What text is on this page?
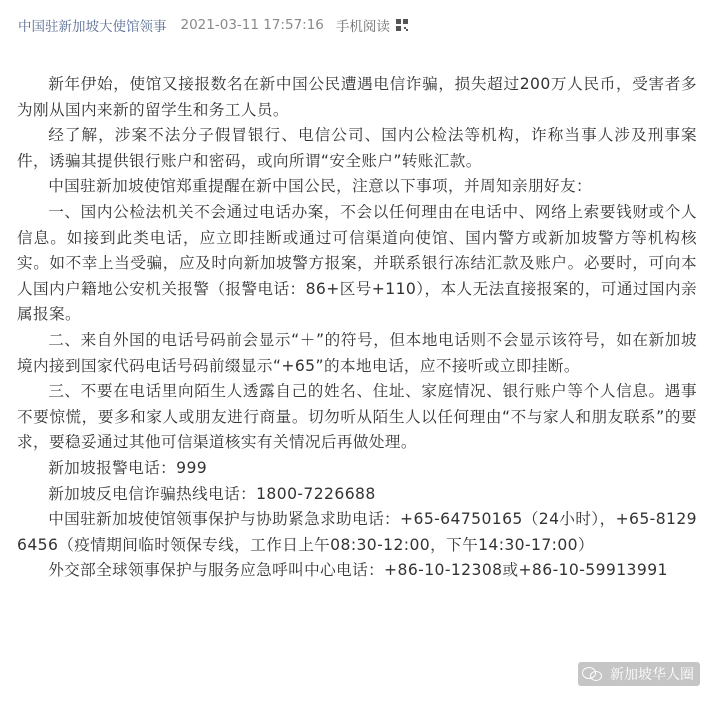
中国驻新加坡大使馆领事 2021-03-11 17:57:16 手机阅读

新年伊始，使馆又接报数名在新中国公民遭遇电信诈骗，损失超过200万人民币，受害者多为刚从国内来新的留学生和务工人员。

经了解，涉案不法分子假冒银行、电信公司、国内公检法等机构，诈称当事人涉及刑事案件，诱骗其提供银行账户和密码，或向所谓“安全账户”转账汇款。

中国驻新加坡使馆郑重提醒在新中国公民，注意以下事项，并周知亲朋好友：

一、国内公检法机关不会通过电话办案，不会以任何理由在电话中、网络上索要钱财或个人信息。如接到此类电话，应立即挂断或通过可信渠道向使馆、国内警方或新加坡警方等机构核实。如不幸上当受骗，应及时向新加坡警方报案，并联系银行冻结汇款及账户。必要时，可向本人国内户籍地公安机关报警（报警电话：86+区号+110），本人无法直接报案的，可通过国内亲属报案。

二、来自外国的电话号码前会显示“＋”的符号，但本地电话则不会显示该符号，如在新加坡境内接到国家代码电话号码前缀显示“+65”的本地电话，应不接听或立即挂断。

三、不要在电话里向陌生人透露自己的姓名、住址、家庭情况、银行账户等个人信息。遇事不要惊慌，要多和家人或朋友进行商量。切勿听从陌生人以任何理由“不与家人和朋友联系”的要求，要稳妥通过其他可信渠道核实有关情况后再做处理。

新加坡报警电话：999

新加坡反电信诈骗热线电话：1800-7226688

中国驻新加坡使馆领事保护与协助紧急求助电话：+65-64750165（24小时），+65-81296456（疫情期间临时领保专线，工作日上午08:30-12:00，下午14:30-17:00）

外交部全球领事保护与服务应急呼叫中心电话：+86-10-12308或+86-10-59913991

新加坡华人圈
